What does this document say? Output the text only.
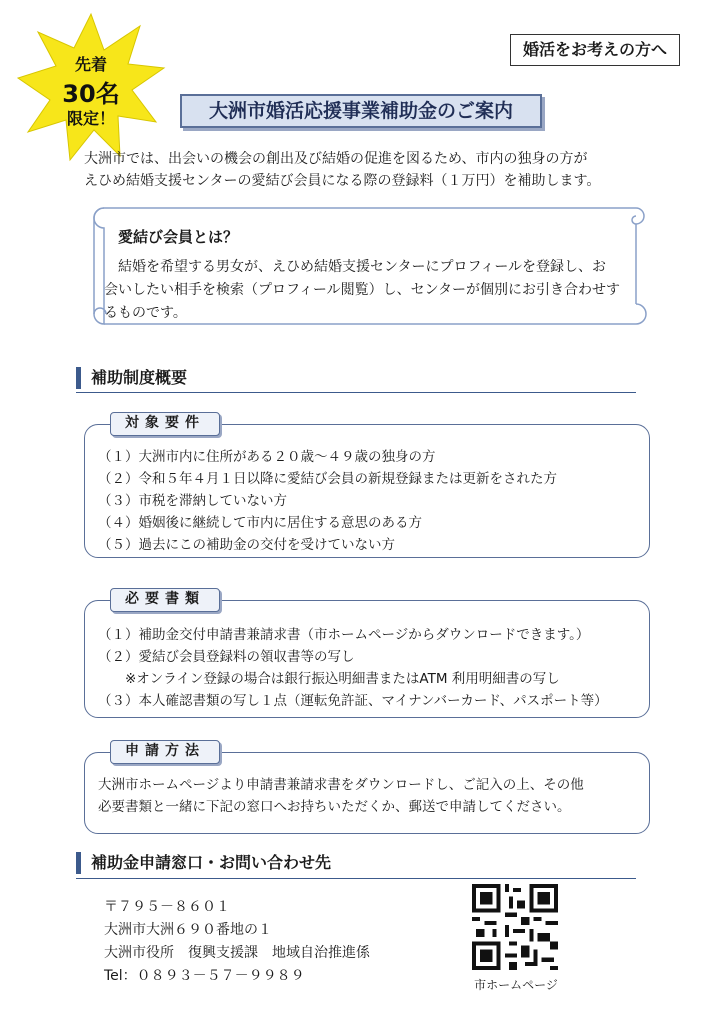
先着
30名
限定！
婚活をお考えの方へ
大洲市婚活応援事業補助金のご案内
大洲市では、出会いの機会の創出及び結婚の促進を図るため、市内の独身の方が
えひめ結婚支援センターの愛結び会員になる際の登録料（１万円）を補助します。
愛結び会員とは？
　結婚を希望する男女が、えひめ結婚支援センターにプロフィールを登録し、お
会いしたい相手を検索（プロフィール閲覧）し、センターが個別にお引き合わせす
るものです。
補助制度概要
対象要件
（１）大洲市内に住所がある２０歳～４９歳の独身の方
（２）令和５年４月１日以降に愛結び会員の新規登録または更新をされた方
（３）市税を滞納していない方
（４）婚姻後に継続して市内に居住する意思のある方
（５）過去にこの補助金の交付を受けていない方
必要書類
（１）補助金交付申請書兼請求書（市ホームページからダウンロードできます。）
（２）愛結び会員登録料の領収書等の写し
　　※オンライン登録の場合は銀行振込明細書またはATM 利用明細書の写し
（３）本人確認書類の写し１点（運転免許証、マイナンバーカード、パスポート等）
申請方法
大洲市ホームページより申請書兼請求書をダウンロードし、ご記入の上、その他
必要書類と一緒に下記の窓口へお持ちいただくか、郵送で申請してください。
補助金申請窓口・お問い合わせ先
〒７９５－８６０１
大洲市大洲６９０番地の１
大洲市役所　復興支援課　地域自治推進係
Tel：０８９３－５７－９９８９
市ホームページ
